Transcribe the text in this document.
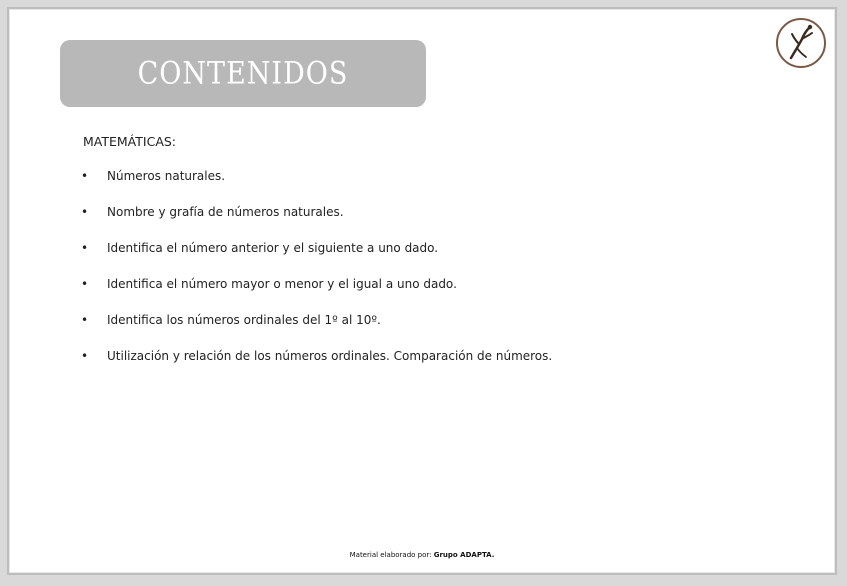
CONTENIDOS
MATEMÁTICAS:
•	Números naturales.
•	Nombre y grafía de números naturales.
•	Identifica el número anterior y el siguiente a uno dado.
•	Identifica el número mayor o menor y el igual a uno dado.
•	Identifica los números ordinales del 1º al 10º.
•	Utilización y relación de los números ordinales. Comparación de números.
Material elaborado por: Grupo ADAPTA.
